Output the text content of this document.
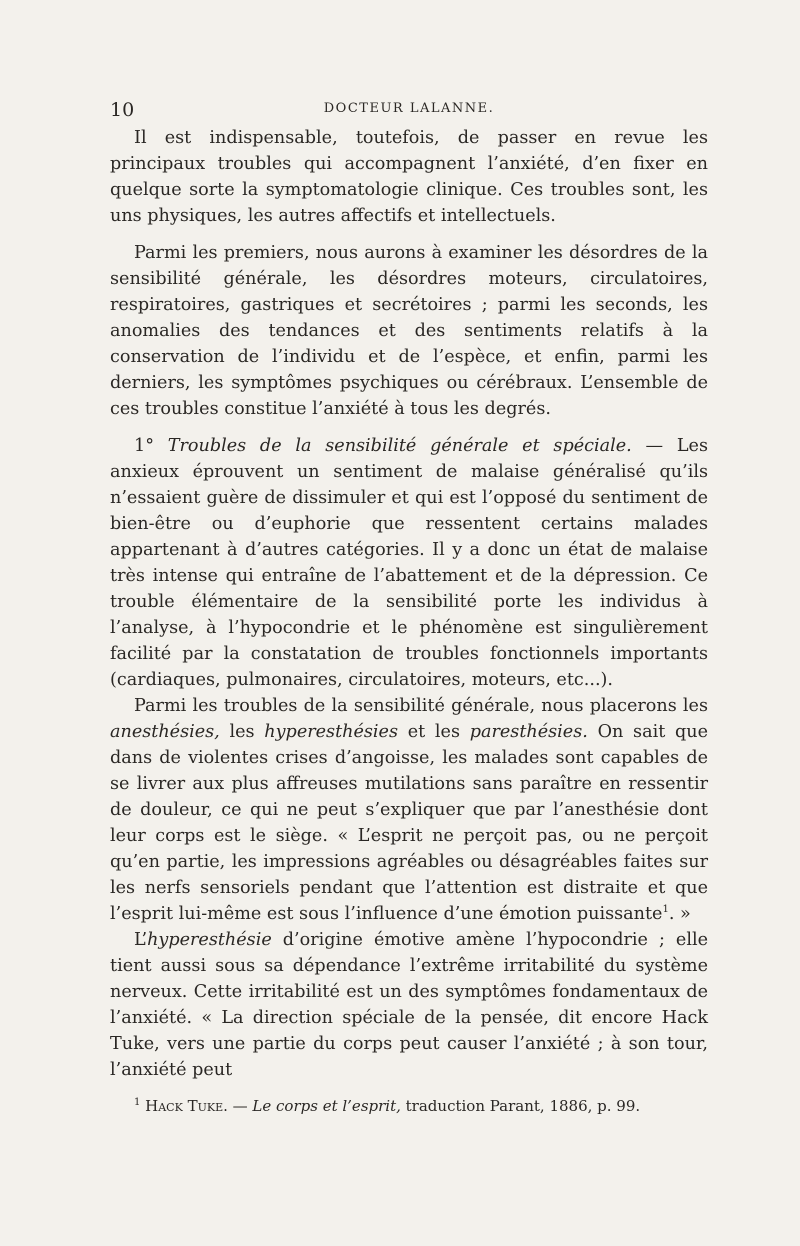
10	DOCTEUR LALANNE.

Il est indispensable, toutefois, de passer en revue les principaux troubles qui accompagnent l’anxiété, d’en fixer en quelque sorte la symptomatologie clinique. Ces troubles sont, les uns physiques, les autres affectifs et intellectuels.

Parmi les premiers, nous aurons à examiner les désordres de la sensibilité générale, les désordres moteurs, circulatoires, respiratoires, gastriques et secrétoires ; parmi les seconds, les anomalies des tendances et des sentiments relatifs à la conservation de l’individu et de l’espèce, et enfin, parmi les derniers, les symptômes psychiques ou cérébraux. L’ensemble de ces troubles constitue l’anxiété à tous les degrés.

1° Troubles de la sensibilité générale et spéciale. — Les anxieux éprouvent un sentiment de malaise généralisé qu’ils n’essaient guère de dissimuler et qui est l’opposé du sentiment de bien-être ou d’euphorie que ressentent certains malades appartenant à d’autres catégories. Il y a donc un état de malaise très intense qui entraîne de l’abattement et de la dépression. Ce trouble élémentaire de la sensibilité porte les individus à l’analyse, à l’hypocondrie et le phénomène est singulièrement facilité par la constatation de troubles fonctionnels importants (cardiaques, pulmonaires, circulatoires, moteurs, etc...).

Parmi les troubles de la sensibilité générale, nous placerons les anesthésies, les hyperesthésies et les paresthésies. On sait que dans de violentes crises d’angoisse, les malades sont capables de se livrer aux plus affreuses mutilations sans paraître en ressentir de douleur, ce qui ne peut s’expliquer que par l’anesthésie dont leur corps est le siège. « L’esprit ne perçoit pas, ou ne perçoit qu’en partie, les impressions agréables ou désagréables faites sur les nerfs sensoriels pendant que l’attention est distraite et que l’esprit lui-même est sous l’influence d’une émotion puissante$^1$. »

L’hyperesthésie d’origine émotive amène l’hypocondrie ; elle tient aussi sous sa dépendance l’extrême irritabilité du système nerveux. Cette irritabilité est un des symptômes fondamentaux de l’anxiété. « La direction spéciale de la pensée, dit encore Hack Tuke, vers une partie du corps peut causer l’anxiété ; à son tour, l’anxiété peut

$^1$ Hack Tuke. — Le corps et l’esprit, traduction Parant, 1886, p. 99.
